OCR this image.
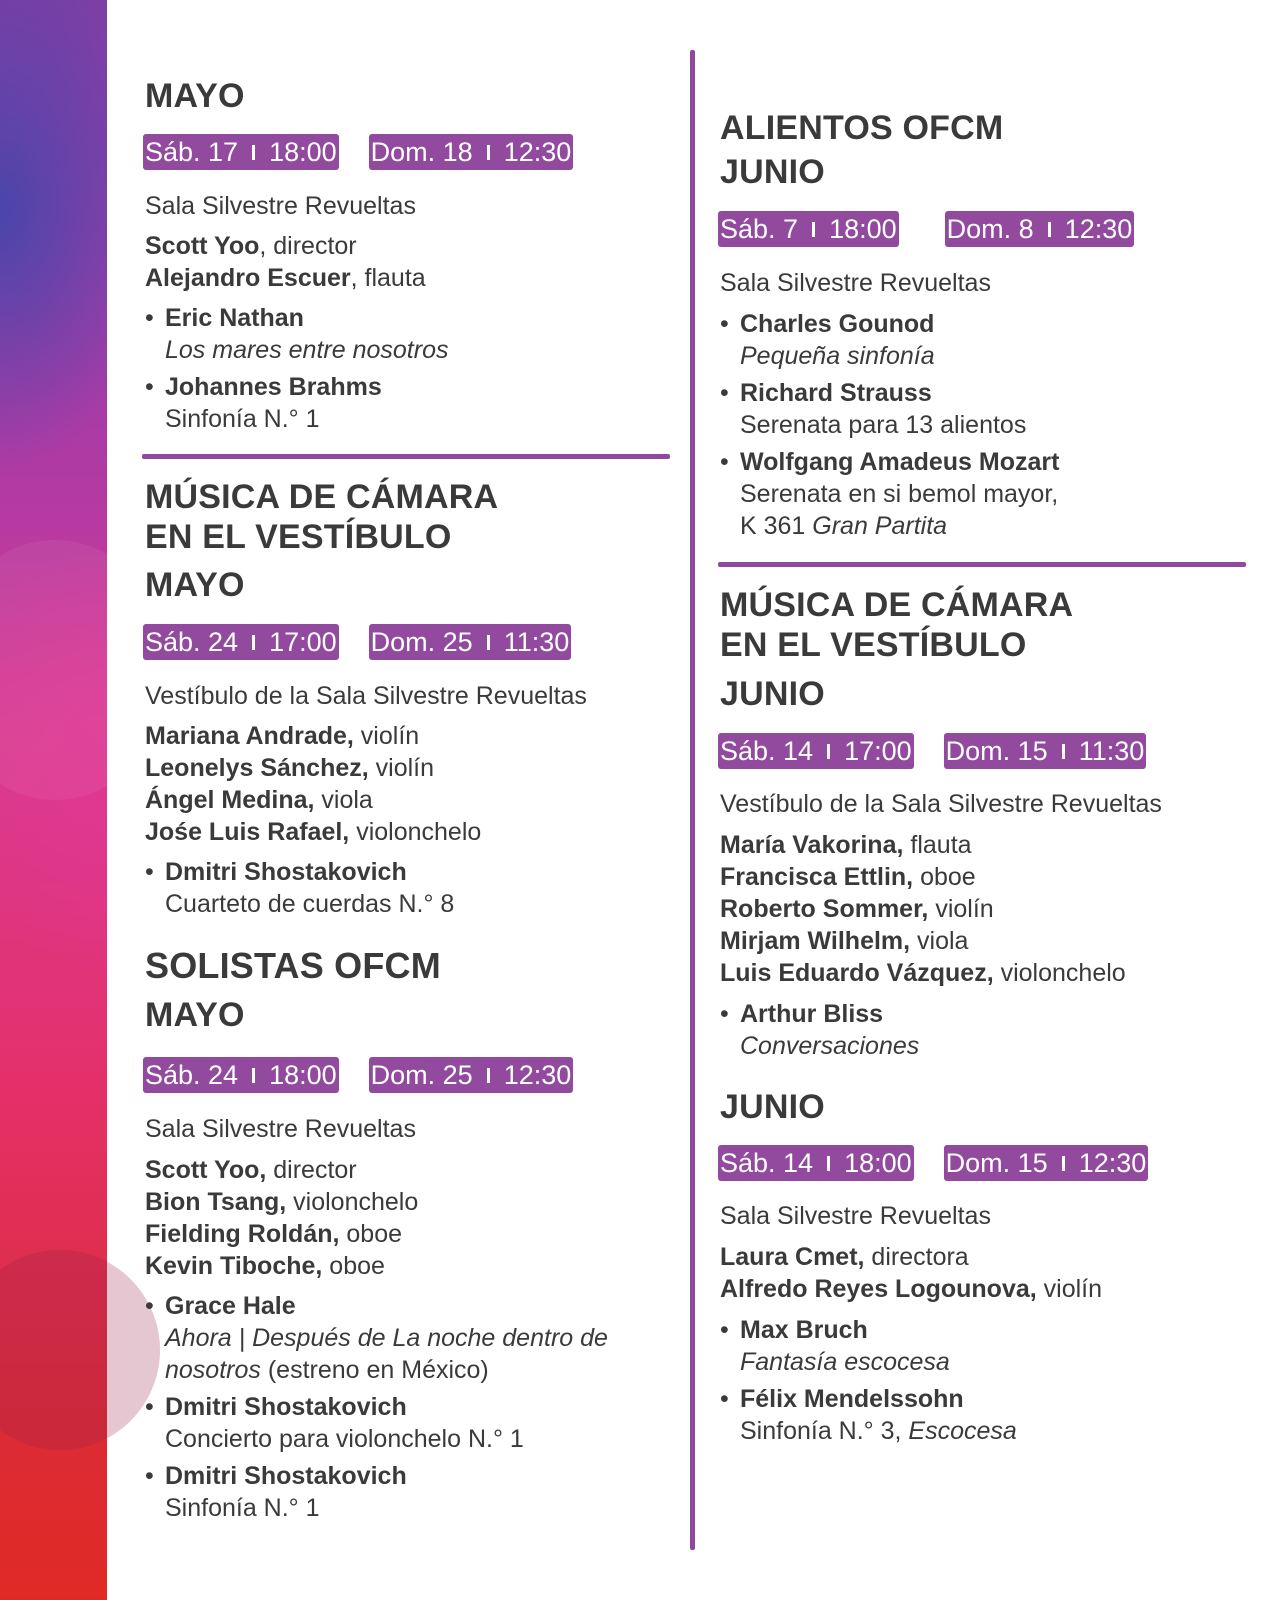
MAYO
Sáb. 17 18:00 Dom. 18 12:30
Sala Silvestre Revueltas
Scott Yoo, director
Alejandro Escuer, flauta
• Eric Nathan
Los mares entre nosotros
• Johannes Brahms
Sinfonía N.° 1
MÚSICA DE CÁMARA
EN EL VESTÍBULO
MAYO
Sáb. 24 17:00 Dom. 25 11:30
Vestíbulo de la Sala Silvestre Revueltas
Mariana Andrade, violín
Leonelys Sánchez, violín
Ángel Medina, viola
Jośe Luis Rafael, violonchelo
• Dmitri Shostakovich
Cuarteto de cuerdas N.° 8
SOLISTAS OFCM
MAYO
Sáb. 24 18:00 Dom. 25 12:30
Sala Silvestre Revueltas
Scott Yoo, director
Bion Tsang, violonchelo
Fielding Roldán, oboe
Kevin Tiboche, oboe
• Grace Hale
Ahora | Después de La noche dentro de nosotros (estreno en México)
• Dmitri Shostakovich
Concierto para violonchelo N.° 1
• Dmitri Shostakovich
Sinfonía N.° 1
ALIENTOS OFCM
JUNIO
Sáb. 7 18:00 Dom. 8 12:30
Sala Silvestre Revueltas
• Charles Gounod
Pequeña sinfonía
• Richard Strauss
Serenata para 13 alientos
• Wolfgang Amadeus Mozart
Serenata en si bemol mayor,
K 361 Gran Partita
MÚSICA DE CÁMARA
EN EL VESTÍBULO
JUNIO
Sáb. 14 17:00 Dom. 15 11:30
Vestíbulo de la Sala Silvestre Revueltas
María Vakorina, flauta
Francisca Ettlin, oboe
Roberto Sommer, violín
Mirjam Wilhelm, viola
Luis Eduardo Vázquez, violonchelo
• Arthur Bliss
Conversaciones
JUNIO
Sáb. 14 18:00 Dom. 15 12:30
Sala Silvestre Revueltas
Laura Cmet, directora
Alfredo Reyes Logounova, violín
• Max Bruch
Fantasía escocesa
• Félix Mendelssohn
Sinfonía N.° 3, Escocesa
